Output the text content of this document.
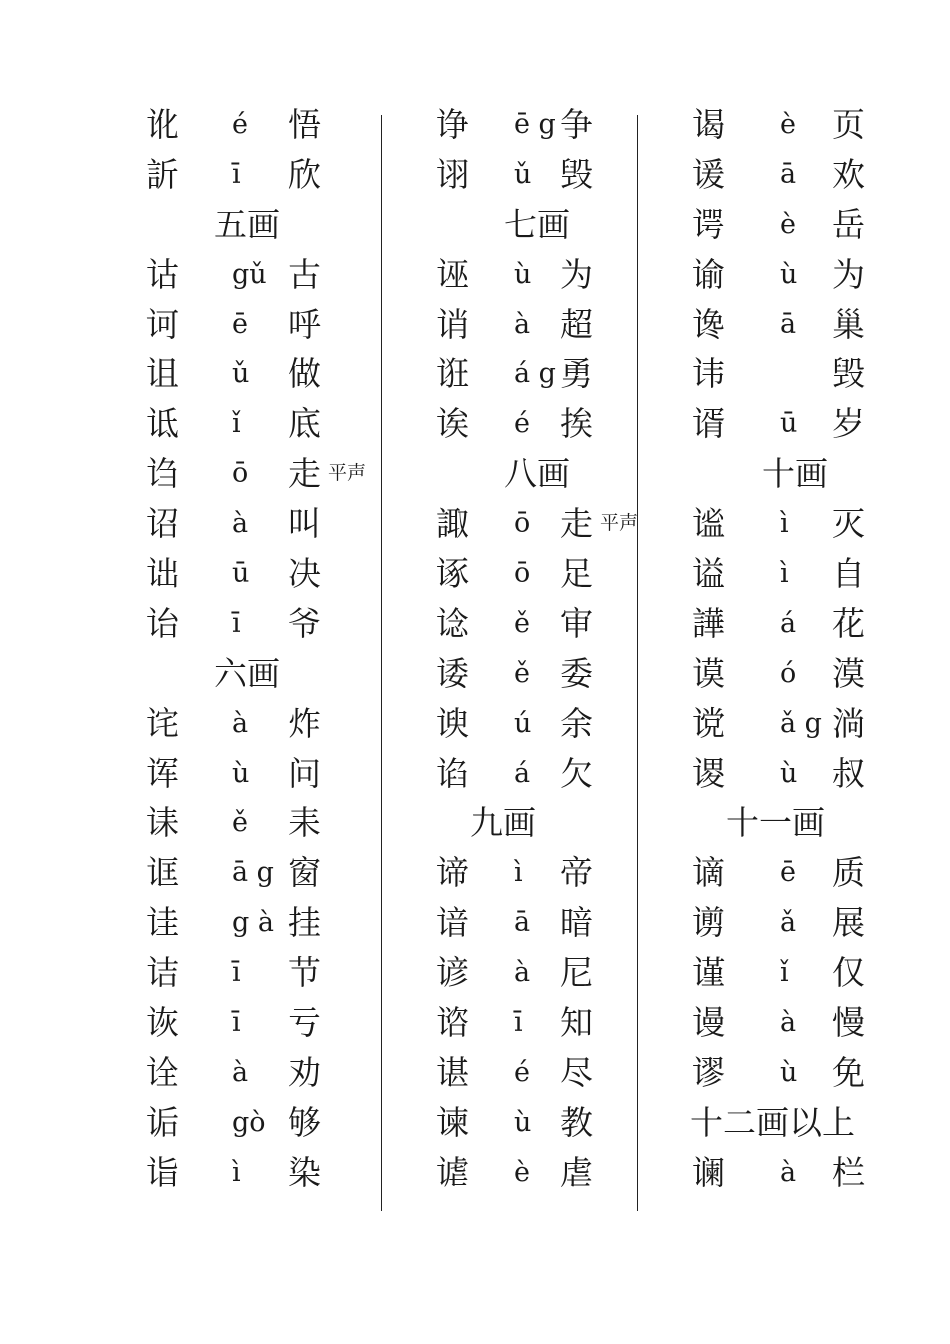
讹 é 悟
訢 ī 欣
五画
诂 gǔ 古
诃 ē 呼
诅 ǔ 做
诋 ǐ 底
诌 ō 走 平声
诏 à 叫
诎 ū 决
诒 ī 爷
六画
诧 à 炸
诨 ù 问
诔 ě 耒
诓 ā g 窗
诖 g à 挂
诘 ī 节
诙 ī 亏
诠 à 劝
诟 gò 够
诣 ì 染
诤 ē g 争
诩 ǔ 毁
七画
诬 ù 为
诮 à 超
诳 á g 勇
诶 é 挨
八画
諏 ō 走 平声
诼 ō 足
谂 ě 审
诿 ě 委
谀 ú 余
谄 á 欠
九画
谛 ì 帝
谙 ā 暗
谚 à 尼
谘 ī 知
谌 é 尽
谏 ù 教
谑 è 虐
谒 è 页
谖 ā 欢
谔 è 岳
谕 ù 为
谗 ā 巢
讳	毁
谞 ū 岁
十画
谧 ì 灭
谥 ì 自
譁 á 花
谟 ó 漠
谠 ǎ g 淌
谡 ù 叔
十一画
谪 ē 质
谫 ǎ 展
谨 ǐ 仅
谩 à 慢
谬 ù 免
十二画以上
谰 à 栏
